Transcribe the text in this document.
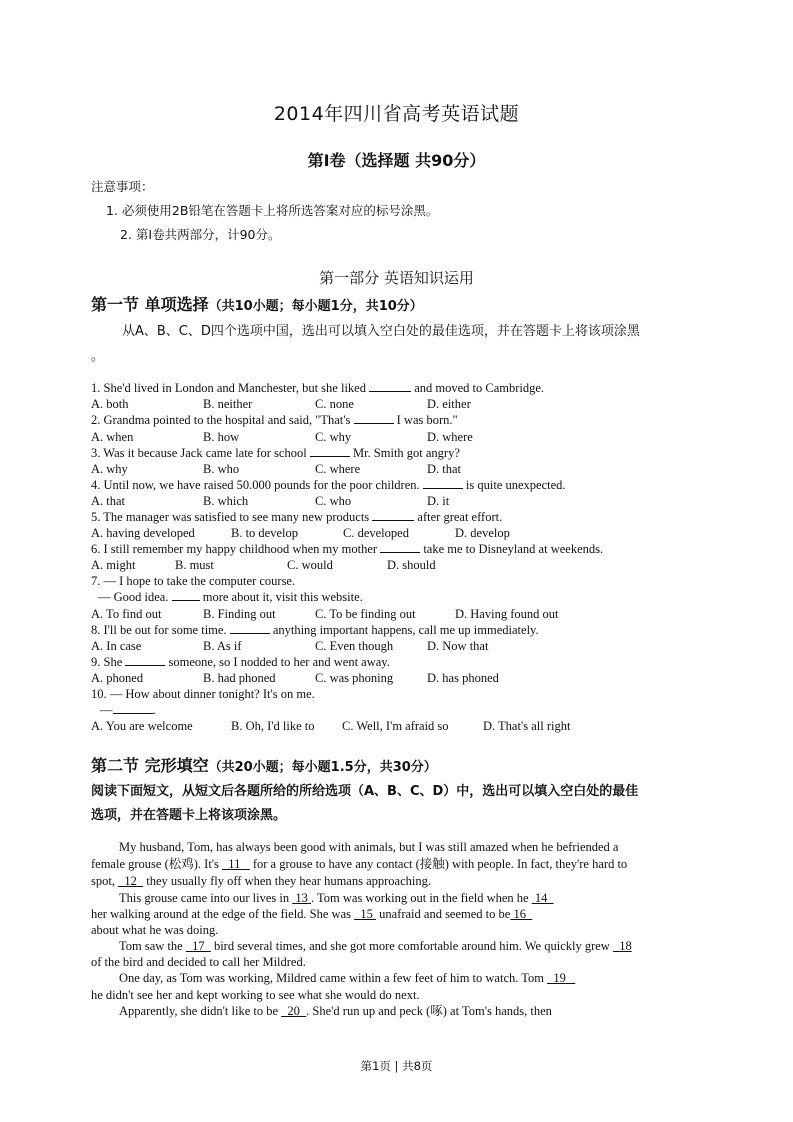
2014年四川省高考英语试题
第Ⅰ卷（选择题 共90分）
注意事项：
1. 必须使用2B铅笔在答题卡上将所选答案对应的标号涂黑。
2. 第Ⅰ卷共两部分，计90分。
第一部分 英语知识运用
第一节 单项选择（共10小题；每小题1分，共10分）
从A、B、C、D四个选项中国，选出可以填入空白处的最佳选项，并在答题卡上将该项涂黑
。
1. She'd lived in London and Manchester, but she liked	and moved to Cambridge.
A. both	B. neither	C. none	D. either
2. Grandma pointed to the hospital and said, "That's	I was born."
A. when	B. how	C. why	D. where
3. Was it because Jack came late for school	Mr. Smith got angry?
A. why	B. who	C. where	D. that
4. Until now, we have raised 50.000 pounds for the poor children.	is quite unexpected.
A. that	B. which	C. who	D. it
5. The manager was satisfied to see many new products	after great effort.
A. having developed	B. to develop	C. developed	D. develop
6. I still remember my happy childhood when my mother	take me to Disneyland at weekends.
A. might	B. must	C. would	D. should
7. — I hope to take the computer course.
— Good idea.	more about it, visit this website.
A. To find out	B. Finding out	C. To be finding out	D. Having found out
8. I'll be out for some time.	anything important happens, call me up immediately.
A. In case	B. As if	C. Even though	D. Now that
9. She	someone, so I nodded to her and went away.
A. phoned	B. had phoned	C. was phoning	D. has phoned
10. — How about dinner tonight? It's on me.
—	.
A. You are welcome	B. Oh, I'd like to C. Well, I'm afraid so	D. That's all right
第二节 完形填空（共20小题；每小题1.5分，共30分）
阅读下面短文，从短文后各题所给的所给选项（A、B、C、D）中，选出可以填入空白处的最佳
选项，并在答题卡上将该项涂黑。
My husband, Tom, has always been good with animals, but I was still amazed when he befriended a
female grouse (松鸡). It's 11 for a grouse to have any contact (接触) with people. In fact, they're hard to
spot, 12 they usually fly off when they hear humans approaching.
This grouse came into our lives in 13 . Tom was working out in the field when he 14
her walking around at the edge of the field. She was 15 unafraid and seemed to be 16
about what he was doing.
Tom saw the 17 bird several times, and she got more comfortable around him. We quickly grew 18
of the bird and decided to call her Mildred.
One day, as Tom was working, Mildred came within a few feet of him to watch. Tom 19
he didn't see her and kept working to see what she would do next.
Apparently, she didn't like to be 20 . She'd run up and peck (啄) at Tom's hands, then
第1页 | 共8页
